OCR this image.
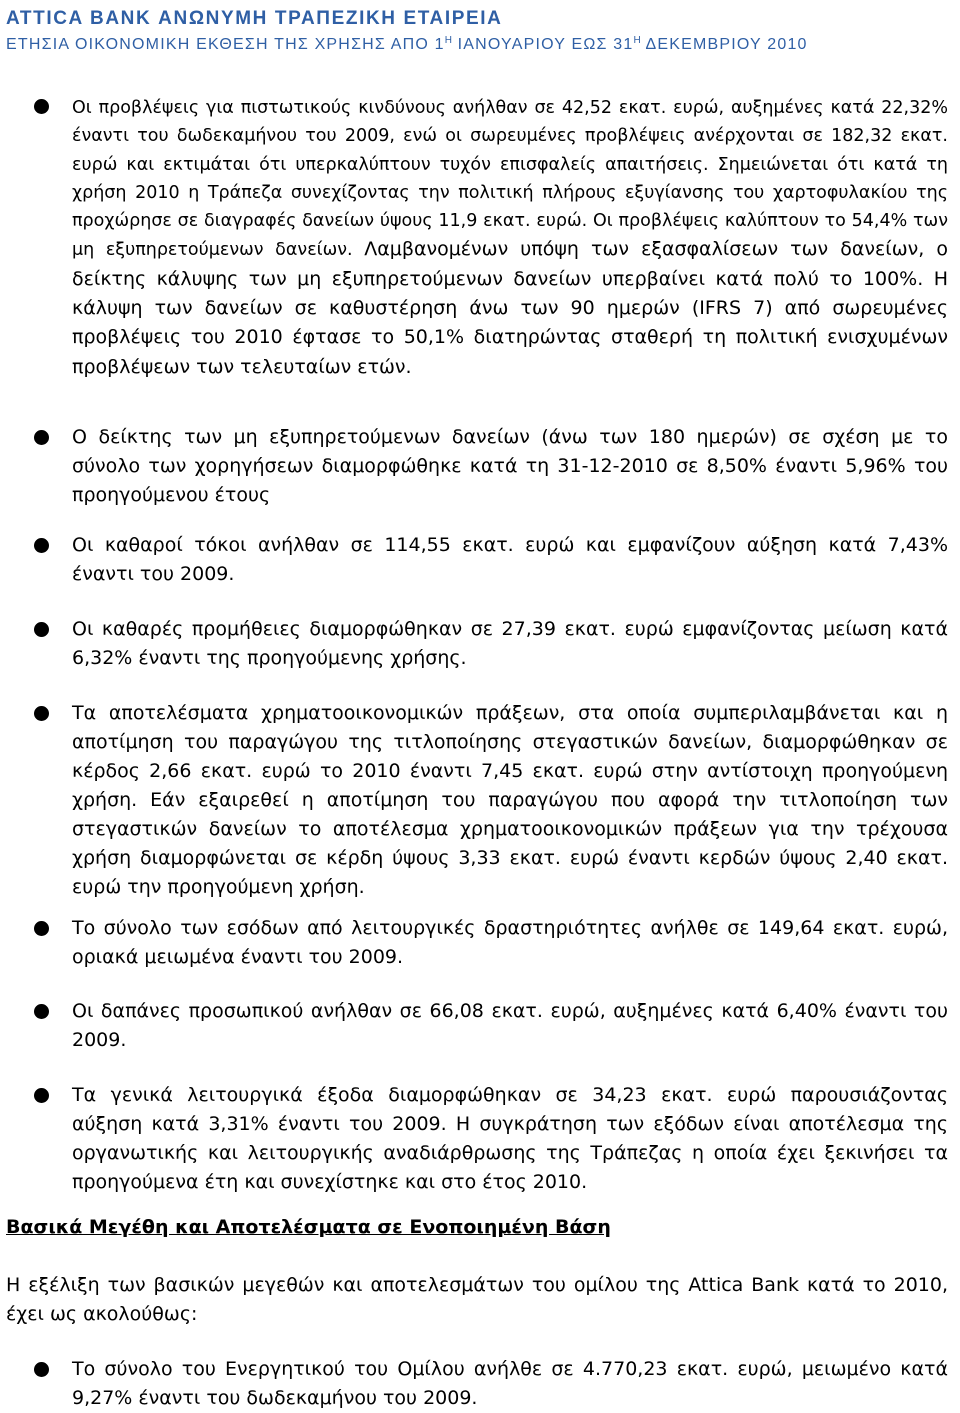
ATTICA BANK ΑΝΩΝΥΜΗ ΤΡΑΠΕΖΙΚΗ ΕΤΑΙΡΕΙΑ
ΕΤΗΣΙΑ ΟΙΚΟΝΟΜΙΚΗ ΕΚΘΕΣΗ ΤΗΣ ΧΡΗΣΗΣ ΑΠΟ $1^H$ ΙΑΝΟΥΑΡΙΟΥ ΕΩΣ $31^H$ ΔΕΚΕΜΒΡΙΟΥ 2010
Οι προβλέψεις για πιστωτικούς κινδύνους ανήλθαν σε 42,52 εκατ. ευρώ, αυξημένες κατά 22,32% έναντι του δωδεκαμήνου του 2009, ενώ οι σωρευμένες προβλέψεις ανέρχονται σε 182,32 εκατ. ευρώ και εκτιμάται ότι υπερκαλύπτουν τυχόν επισφαλείς απαιτήσεις. Σημειώνεται ότι κατά τη χρήση 2010 η Τράπεζα συνεχίζοντας την πολιτική πλήρους εξυγίανσης του χαρτοφυλακίου της προχώρησε σε διαγραφές δανείων ύψους 11,9 εκατ. ευρώ. Οι προβλέψεις καλύπτουν το 54,4% των μη εξυπηρετούμενων δανείων. Λαμβανομένων υπόψη των εξασφαλίσεων των δανείων, ο δείκτης κάλυψης των μη εξυπηρετούμενων δανείων υπερβαίνει κατά πολύ το 100%. Η κάλυψη των δανείων σε καθυστέρηση άνω των 90 ημερών (IFRS 7) από σωρευμένες προβλέψεις του 2010 έφτασε το 50,1% διατηρώντας σταθερή τη πολιτική ενισχυμένων προβλέψεων των τελευταίων ετών.
Ο δείκτης των μη εξυπηρετούμενων δανείων (άνω των 180 ημερών) σε σχέση με το σύνολο των χορηγήσεων διαμορφώθηκε κατά τη 31-12-2010 σε 8,50% έναντι 5,96% του προηγούμενου έτους
Οι καθαροί τόκοι ανήλθαν σε 114,55 εκατ. ευρώ και εμφανίζουν αύξηση κατά 7,43% έναντι του 2009.
Οι καθαρές προμήθειες διαμορφώθηκαν σε 27,39 εκατ. ευρώ εμφανίζοντας μείωση κατά 6,32% έναντι της προηγούμενης χρήσης.
Τα αποτελέσματα χρηματοοικονομικών πράξεων, στα οποία συμπεριλαμβάνεται και η αποτίμηση του παραγώγου της τιτλοποίησης στεγαστικών δανείων, διαμορφώθηκαν σε κέρδος 2,66 εκατ. ευρώ το 2010 έναντι 7,45 εκατ. ευρώ στην αντίστοιχη προηγούμενη χρήση. Εάν εξαιρεθεί η αποτίμηση του παραγώγου που αφορά την τιτλοποίηση των στεγαστικών δανείων το αποτέλεσμα χρηματοοικονομικών πράξεων για την τρέχουσα χρήση διαμορφώνεται σε κέρδη ύψους 3,33 εκατ. ευρώ έναντι κερδών ύψους 2,40 εκατ. ευρώ την προηγούμενη χρήση.
Το σύνολο των εσόδων από λειτουργικές δραστηριότητες ανήλθε σε 149,64 εκατ. ευρώ, οριακά μειωμένα έναντι του 2009.
Οι δαπάνες προσωπικού ανήλθαν σε 66,08 εκατ. ευρώ, αυξημένες κατά 6,40% έναντι του 2009.
Τα γενικά λειτουργικά έξοδα διαμορφώθηκαν σε 34,23 εκατ. ευρώ παρουσιάζοντας αύξηση κατά 3,31% έναντι του 2009. Η συγκράτηση των εξόδων είναι αποτέλεσμα της οργανωτικής και λειτουργικής αναδιάρθρωσης της Τράπεζας η οποία έχει ξεκινήσει τα προηγούμενα έτη και συνεχίστηκε και στο έτος 2010.
Βασικά Μεγέθη και Αποτελέσματα σε Ενοποιημένη Βάση
Η εξέλιξη των βασικών μεγεθών και αποτελεσμάτων του ομίλου της Attica Bank κατά το 2010, έχει ως ακολούθως:
Το σύνολο του Ενεργητικού του Ομίλου ανήλθε σε 4.770,23 εκατ. ευρώ, μειωμένο κατά 9,27% έναντι του δωδεκαμήνου του 2009.
